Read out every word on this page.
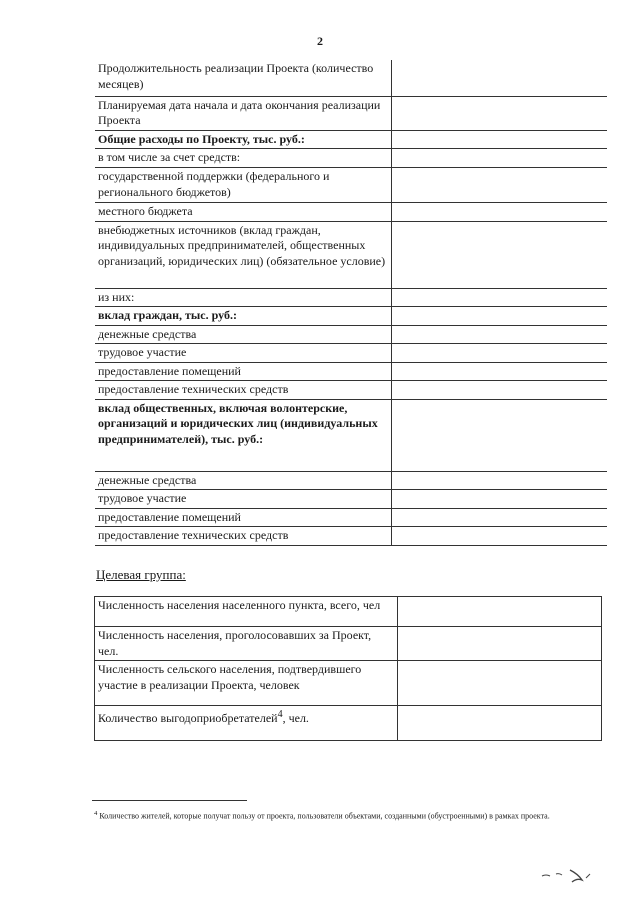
2
Продолжительность реализации Проекта (количество месяцев)	
Планируемая дата начала и дата окончания реализации Проекта	
Общие расходы по Проекту, тыс. руб.:	
в том числе за счет средств:	
государственной поддержки (федерального и регионального бюджетов)	
местного бюджета	
внебюджетных источников (вклад граждан, индивидуальных предпринимателей, общественных организаций, юридических лиц) (обязательное условие)	
из них:	
вклад граждан, тыс. руб.:	
денежные средства	
трудовое участие	
предоставление помещений	
предоставление технических средств	
вклад общественных, включая волонтерские, организаций и юридических лиц (индивидуальных предпринимателей), тыс. руб.:	
денежные средства	
трудовое участие	
предоставление помещений	
предоставление технических средств	
Целевая группа:
Численность населения населенного пункта, всего, чел	
Численность населения, проголосовавших за Проект, чел.	
Численность сельского населения, подтвердившего участие в реализации Проекта, человек	
Количество выгодоприобретателей$^4$, чел.	
$^4$ Количество жителей, которые получат пользу от проекта, пользователи объектами, созданными (обустроенными) в рамках проекта.
